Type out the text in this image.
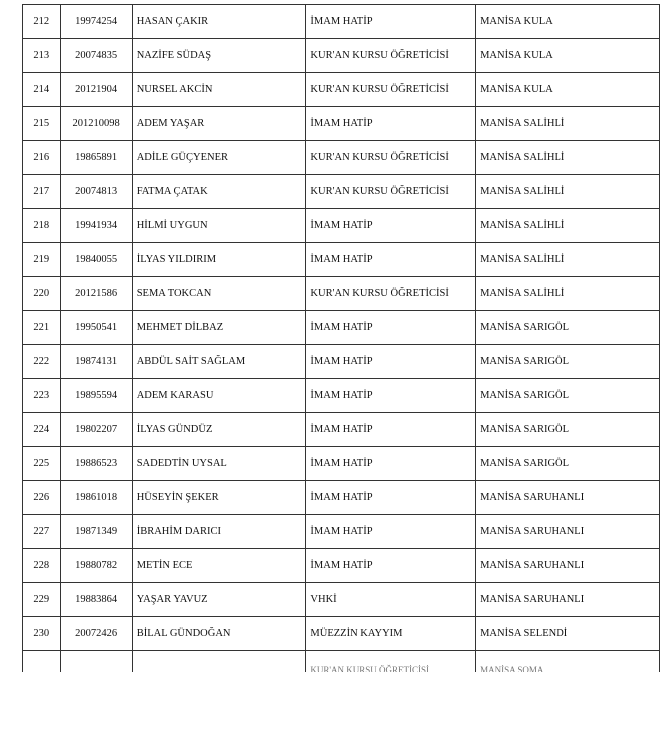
212	19974254	HASAN ÇAKIR	İMAM HATİP	MANİSA KULA
213	20074835	NAZİFE SÜDAŞ	KUR'AN KURSU ÖĞRETİCİSİ	MANİSA KULA
214	20121904	NURSEL AKCİN	KUR'AN KURSU ÖĞRETİCİSİ	MANİSA KULA
215	201210098	ADEM YAŞAR	İMAM HATİP	MANİSA SALİHLİ
216	19865891	ADİLE GÜÇYENER	KUR'AN KURSU ÖĞRETİCİSİ	MANİSA SALİHLİ
217	20074813	FATMA ÇATAK	KUR'AN KURSU ÖĞRETİCİSİ	MANİSA SALİHLİ
218	19941934	HİLMİ UYGUN	İMAM HATİP	MANİSA SALİHLİ
219	19840055	İLYAS YILDIRIM	İMAM HATİP	MANİSA SALİHLİ
220	20121586	SEMA TOKCAN	KUR'AN KURSU ÖĞRETİCİSİ	MANİSA SALİHLİ
221	19950541	MEHMET DİLBAZ	İMAM HATİP	MANİSA SARIGÖL
222	19874131	ABDÜL SAİT SAĞLAM	İMAM HATİP	MANİSA SARIGÖL
223	19895594	ADEM KARASU	İMAM HATİP	MANİSA SARIGÖL
224	19802207	İLYAS GÜNDÜZ	İMAM HATİP	MANİSA SARIGÖL
225	19886523	SADEDTİN UYSAL	İMAM HATİP	MANİSA SARIGÖL
226	19861018	HÜSEYİN ŞEKER	İMAM HATİP	MANİSA SARUHANLI
227	19871349	İBRAHİM DARICI	İMAM HATİP	MANİSA SARUHANLI
228	19880782	METİN ECE	İMAM HATİP	MANİSA SARUHANLI
229	19883864	YAŞAR YAVUZ	VHKİ	MANİSA SARUHANLI
230	20072426	BİLAL GÜNDOĞAN	MÜEZZİN KAYYIM	MANİSA SELENDİ
			KUR'AN KURSU ÖĞRETİCİSİ	MANİSA SOMA
